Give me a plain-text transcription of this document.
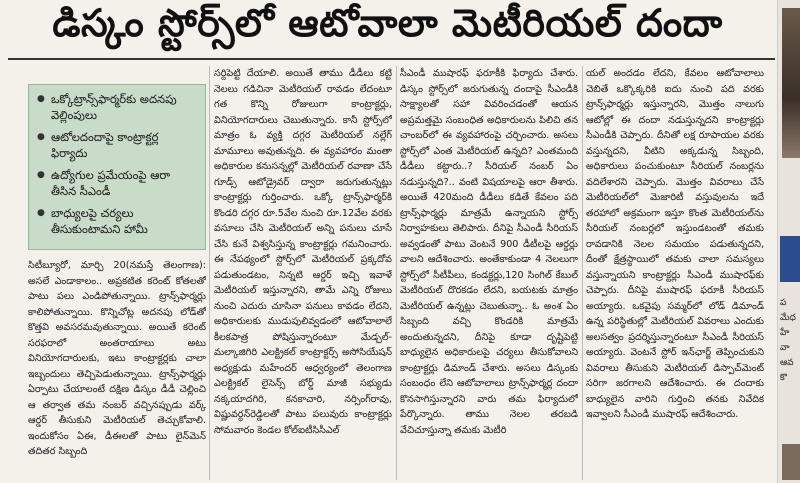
డిస్కం స్టోర్స్‌లో ఆటోవాలా మెటీరియల్ దందా
● ఒక్కోట్రాన్స్‌ఫార్మర్‌కు అదనపు వెల్లింపులు
● ఆటోలదందాపై కాంట్రాక్టర్ల ఫిర్యాదు
● ఉద్యోగుల ప్రమేయంపై ఆరా తీసిన సీఎండీ
● బాధ్యులపై చర్యలు తీసుకుంటామని హామీ

సిటీబ్యూరో, మార్చి 20(నమస్తే తెలంగాణ): అసలే ఎండాకాలం.. అప్రకటిత కరెంట్ కోతలతో పాటు పలు ఎండిపోతున్నాయి. ట్రాన్స్‌ఫార్మర్లు కాలిపోతున్నాయి. కొన్నిచోట్ల అదనపు లోడ్‌తో కొత్తవి అవసరమవుతున్నాయి. అయితే కరెంట్ సరఫరాలో అంతరాయాలు అటు వినియోగదారులకు, ఇటు కాంట్రాక్టర్లకు చాలా ఇబ్బందులు తెచ్చిపెడుతున్నాయి. ట్రాన్స్‌ఫార్మర్లు ఏర్పాటు చేయాలంటే దక్షిణ డిస్కం డీడీ చెల్లించి ఆ తర్వాత తమ నంబర్ వచ్చినప్పుడు వర్క్ ఆర్డర్ తీసుకుని మెటీరియల్ తెచ్చుకోవాలి. ఇందుకోసం ఏఈ, డీఈలతో పాటు లైన్‌మెన్ తదితర సిబ్బంది

సర్దిపెట్టి దేయాలి. అయితే తాము డీడీలు కట్టి నెలలు గడిచినా మెటీరియల్ రావడం లేదంటూ గత కొన్ని రోజులుగా కాంట్రాక్టర్లు, వినియోగదారులు చెబుతున్నారు. కానీ స్టోర్స్‌లో మాత్రం ఓ వ్యక్తి దగ్గర మెటీరియల్ నల్లేగ్ మామూలు అవుతున్నది. ఈ వ్యవహారం మంతా అధికారుల కనుసన్నల్లో మెటీరియల్ రవాణా చేసే గూడ్స్ ఆటోడ్రైవర్ ద్వారా జరుగుతున్నట్లు కాంట్రాక్టర్లు గుర్తించారు. ఒక్కో ట్రాన్స్‌ఫార్మర్‌కి కొండరి దగ్గర రూ.5వేల నుంచి రూ.12వేల వరకు వసూలు చేసి మెటీరియల్ అన్ని పనులు చూసే చేసి కునే విశ్వసిస్తున్న కాంట్రాక్టర్లు గమనించారు. ఈ నేపథ్యంలో స్టోర్స్‌లో మెటీరియల్ ప్రక్కదోవ పడుతుండటం, నిన్నటి ఆర్డర్ ఇచ్చి ఇవాళే మెటీరియల్ ఇస్తున్నారని, తామే ఎన్ని రోజులు నుంచి ఎదురు చూసినా పనులు కావడం లేదని, అధికారులకు ముడుపులివ్వడంలో ఆటోవాలాలే కీలకపాత్ర పోషిస్తున్నారంటూ మేడ్చల్- మల్కాజిగిరి ఎలక్ట్రికల్ కాంట్రాక్టర్స్ అసోసియేషన్ అధ్యక్షుడు మహేందర్ ఆధ్వర్యంలో తెలంగాణ ఎలక్ట్రికల్ లైసెన్స్ బోర్డ్ మాజీ సభ్యుడు నక్కయాదగిరి, కనకాచారి, నర్సింగ్‌రావు, విష్ణువర్ధన్‌రెడ్డిలతో పాటు పలువురు కాంట్రాక్టర్లు సోమవారం కెండల కోల్‌ఐటీసిసీఎల్

సీఎండీ ముషారఫ్ ఫరూకీకి ఫిర్యాదు చేశారు. డిస్కం స్టోర్స్‌లో జరుగుతున్న దందాపై సీఎండీకి సాక్ష్యాలతో సహా వివరించడంతో ఆయన అప్రమత్తమై సంబంధిత అధికారులను పిలిచి తన చాంబర్‌లో ఈ వ్యవహారంపై చర్చించారు. అసలు స్టోర్స్‌లో ఎంత మెటీరియల్ ఉన్నది? ఎంతమంది డీడీలు కట్టారు..? సీరియల్ నంబర్ ఏం నడుస్తున్నది?.. వంటి విషయాలపై ఆరా తీశారు. అయితే 420మంది డీడీలు కడితే కేవలం పది ట్రాన్స్‌ఫార్మర్లు మాత్రమే ఉన్నాయని స్టోర్స్ నిర్వాహకులు తెలిపారు. దీనిపై సీఎండీ సీరియస్ అవ్వడంతో పాటు వెంటనే 900 డీటీలపై ఆర్డర్లు వాలని ఆదేశించారు. అంతేకాకుండా 4 నెలలుగా స్టోర్స్‌లో సీటీపీలు, కండక్టర్లు,120 సింగిల్ కేబుల్ మెటీరియల్ దొరకడం లేదని, బయటకు మాత్రం మెటీరియల్ ఉన్నట్లు చెబుతున్నా.. ఓ అంశ ఏం సిబ్బంది వచ్చి కొండరికి మాత్రమే అందుతున్నదని, దీనిపై కూడా దృష్టిపెట్టి బాధ్యులైన అధికారులపై చర్యలు తీసుకోవాలని కాంట్రాక్టర్లు డిమాండ్ చేశారు. అసలు డిస్కంకు సంబంధం లేని ఆటోవాలాలు ట్రాన్స్‌ఫార్మర్ల దందా కొనసాగిస్తున్నారని వారు తమ ఫిర్యాదులో పేర్కొన్నారు. తాము నెలల తరబడి వేచిచూస్తున్నా తమకు మెటీరి

యల్ అందడం లేదని, కేవలం ఆటోవాలాలు చెబితే ఒక్కొక్కరికి ఐదు నుంచి పది వరకు ట్రాన్స్‌ఫార్మర్లు ఇస్తున్నారని, మొత్తం నాలుగు ఆటోల్లో ఈ దందా నడుస్తున్నదని కాంట్రాక్టర్లు సీఎండీకి చెప్పారు. దీనితో లక్ష రూపాయల వరకు వస్తున్నదని, వీటిని అక్కడున్న సిబ్బంది, అధికారులు పంచుకుంటూ సీరియల్ నంబర్లను వదిలేశారని చెప్పారు. మొత్తం వివరాలు చేసే మెటీరియల్‌లో మెజారిటీ వస్తువులను ఇదే తరహాలో అక్రమంగా ఇస్తూ కొంత మెటీరియల్‌ను సీరియల్ నంబర్లలో ఇస్తుండటంతో తమకు రావడానికి నెలల సమయం పడుతున్నదని, దీంతో క్షేత్రస్థాయిలో తమకు చాలా సమస్యలు వస్తున్నాయని కాంట్రాక్టర్లు సీఎండీ ముషారఫ్‌కు చెప్పారు. దీనిపై ముషారఫ్ ఫరూకీ సీరియస్ అయ్యారు. ఒకవైపు సమ్మర్‌లో లోడ్ డిమాండ్ ఉన్న పరిస్థితుల్లో మెటీరియల్ వివరాలు ఎందుకు అలసత్వం ప్రదర్శిస్తున్నారంటూ సీఎండీ సీరియస్ అయ్యారు. వెంటనే స్టోర్ ఇన్‌ఛార్జ్ తెప్పించుకుని వివరాలు తీసుకుని మెటీరియల్ డిస్పాచ్‌మెంట్ సరిగా జరగాలని ఆదేశించారు. ఈ దందాకు బాధ్యులైన వారిని గుర్తించి తనకు నివేదిక ఇవ్వాలని సీఎండీ ముషారఫ్ ఆదేశించారు.

ప మేధ హే వా ఆవ కొ
